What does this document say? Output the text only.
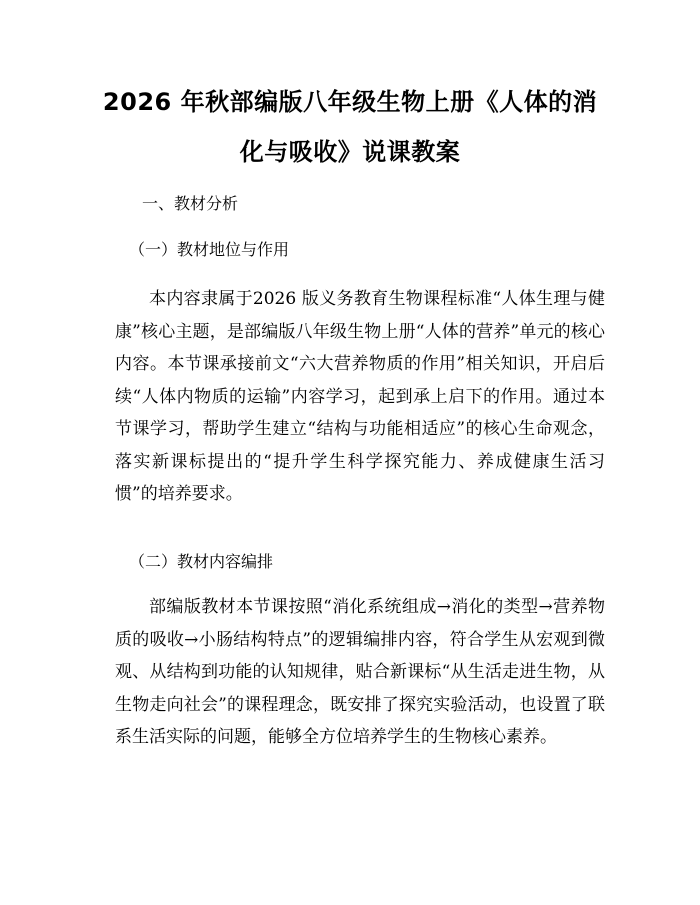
2026 年秋部编版八年级生物上册《人体的消
化与吸收》说课教案
一、教材分析
（一）教材地位与作用

本内容隶属于2026 版义务教育生物课程标准“人体生理与健康”核心主题，是部编版八年级生物上册“人体的营养”单元的核心内容。本节课承接前文“六大营养物质的作用”相关知识，开启后续“人体内物质的运输”内容学习，起到承上启下的作用。通过本节课学习，帮助学生建立“结构与功能相适应”的核心生命观念，落实新课标提出的“提升学生科学探究能力、养成健康生活习惯”的培养要求。

（二）教材内容编排

部编版教材本节课按照“消化系统组成→消化的类型→营养物质的吸收→小肠结构特点”的逻辑编排内容，符合学生从宏观到微观、从结构到功能的认知规律，贴合新课标“从生活走进生物，从生物走向社会”的课程理念，既安排了探究实验活动，也设置了联系生活实际的问题，能够全方位培养学生的生物核心素养。
